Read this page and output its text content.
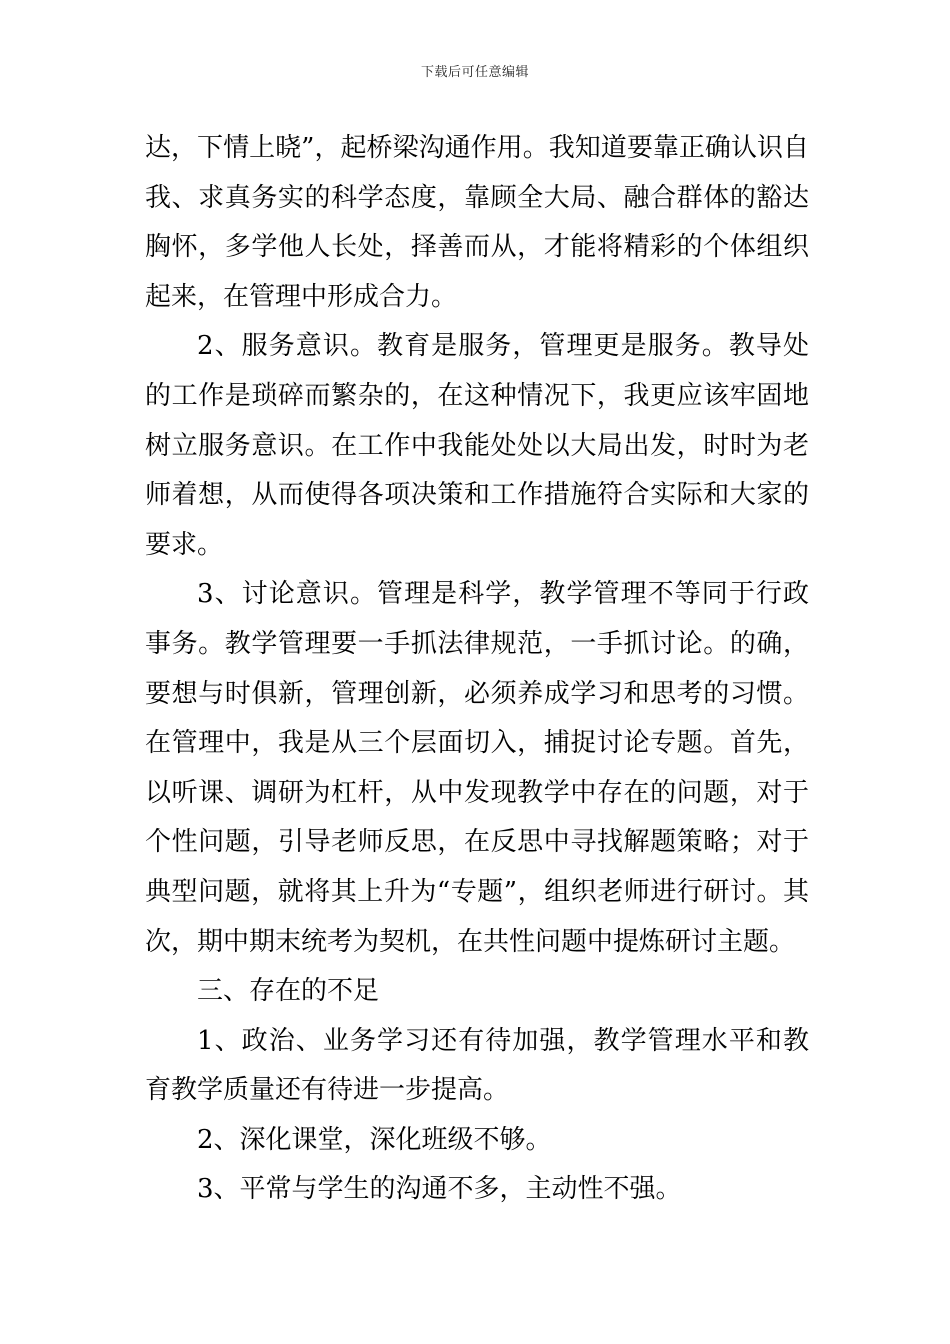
下载后可任意编辑

达，下情上晓”，起桥梁沟通作用。我知道要靠正确认识自我、求真务实的科学态度，靠顾全大局、融合群体的豁达胸怀，多学他人长处，择善而从，才能将精彩的个体组织起来，在管理中形成合力。

2、服务意识。教育是服务，管理更是服务。教导处的工作是琐碎而繁杂的，在这种情况下，我更应该牢固地树立服务意识。在工作中我能处处以大局出发，时时为老师着想，从而使得各项决策和工作措施符合实际和大家的要求。

3、讨论意识。管理是科学，教学管理不等同于行政事务。教学管理要一手抓法律规范，一手抓讨论。的确，要想与时俱新，管理创新，必须养成学习和思考的习惯。在管理中，我是从三个层面切入，捕捉讨论专题。首先，以听课、调研为杠杆，从中发现教学中存在的问题，对于个性问题，引导老师反思，在反思中寻找解题策略；对于典型问题，就将其上升为“专题”，组织老师进行研讨。其次，期中期末统考为契机，在共性问题中提炼研讨主题。

三、存在的不足

1、政治、业务学习还有待加强，教学管理水平和教育教学质量还有待进一步提高。

2、深化课堂，深化班级不够。

3、平常与学生的沟通不多，主动性不强。
